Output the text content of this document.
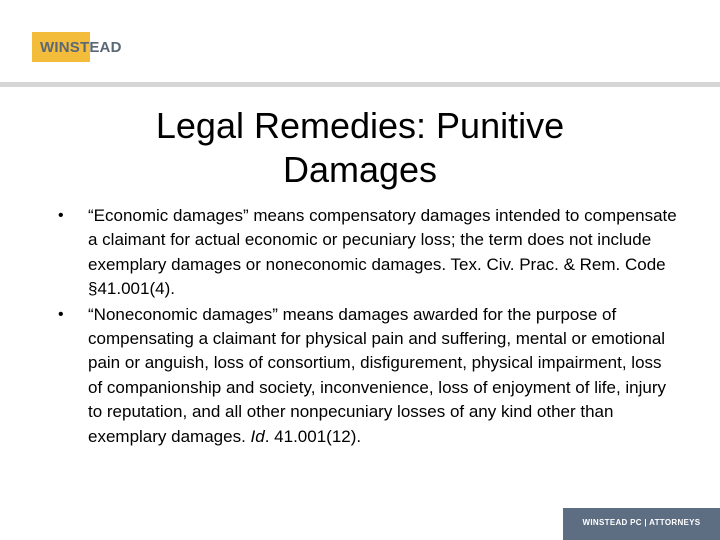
WINSTEAD
Legal Remedies: Punitive
Damages
• “Economic damages” means compensatory damages intended to compensate a claimant for actual economic or pecuniary loss; the term does not include exemplary damages or noneconomic damages. Tex. Civ. Prac. & Rem. Code §41.001(4).
• “Noneconomic damages” means damages awarded for the purpose of compensating a claimant for physical pain and suffering, mental or emotional pain or anguish, loss of consortium, disfigurement, physical impairment, loss of companionship and society, inconvenience, loss of enjoyment of life, injury to reputation, and all other nonpecuniary losses of any kind other than exemplary damages. Id. 41.001(12).
WINSTEAD PC | ATTORNEYS
